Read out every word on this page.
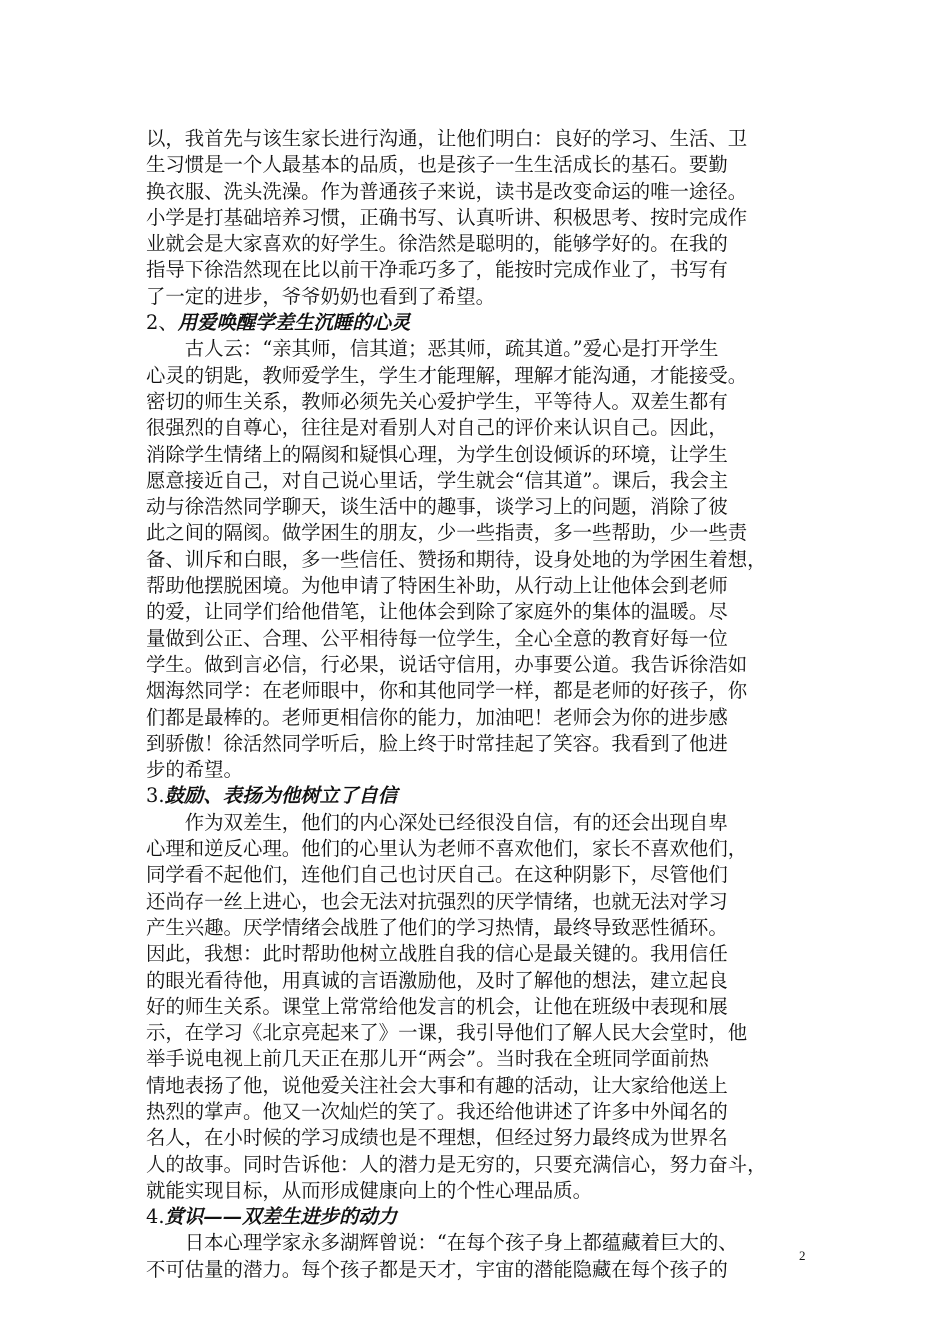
以，我首先与该生家长进行沟通，让他们明白：良好的学习、生活、卫
生习惯是一个人最基本的品质，也是孩子一生生活成长的基石。要勤
换衣服、洗头洗澡。作为普通孩子来说，读书是改变命运的唯一途径。
小学是打基础培养习惯，正确书写、认真听讲、积极思考、按时完成作
业就会是大家喜欢的好学生。徐浩然是聪明的，能够学好的。在我的
指导下徐浩然现在比以前干净乖巧多了，能按时完成作业了，书写有
了一定的进步，爷爷奶奶也看到了希望。
2、用爱唤醒学差生沉睡的心灵
　　古人云：“亲其师，信其道；恶其师，疏其道。”爱心是打开学生
心灵的钥匙，教师爱学生，学生才能理解，理解才能沟通，才能接受。
密切的师生关系，教师必须先关心爱护学生，平等待人。双差生都有
很强烈的自尊心，往往是对看别人对自己的评价来认识自己。因此，
消除学生情绪上的隔阂和疑惧心理，为学生创设倾诉的环境，让学生
愿意接近自己，对自己说心里话，学生就会“信其道”。课后，我会主
动与徐浩然同学聊天，谈生活中的趣事，谈学习上的问题，消除了彼
此之间的隔阂。做学困生的朋友，少一些指责，多一些帮助，少一些责
备、训斥和白眼，多一些信任、赞扬和期待，设身处地的为学困生着想，
帮助他摆脱困境。为他申请了特困生补助，从行动上让他体会到老师
的爱，让同学们给他借笔，让他体会到除了家庭外的集体的温暖。尽
量做到公正、合理、公平相待每一位学生，全心全意的教育好每一位
学生。做到言必信，行必果，说话守信用，办事要公道。我告诉徐浩如
烟海然同学：在老师眼中，你和其他同学一样，都是老师的好孩子，你
们都是最棒的。老师更相信你的能力，加油吧！老师会为你的进步感
到骄傲！徐活然同学听后，脸上终于时常挂起了笑容。我看到了他进
步的希望。
3.鼓励、表扬为他树立了自信
　　作为双差生，他们的内心深处已经很没自信，有的还会出现自卑
心理和逆反心理。他们的心里认为老师不喜欢他们，家长不喜欢他们，
同学看不起他们，连他们自己也讨厌自己。在这种阴影下，尽管他们
还尚存一丝上进心，也会无法对抗强烈的厌学情绪，也就无法对学习
产生兴趣。厌学情绪会战胜了他们的学习热情，最终导致恶性循环。
因此，我想：此时帮助他树立战胜自我的信心是最关键的。我用信任
的眼光看待他，用真诚的言语激励他，及时了解他的想法，建立起良
好的师生关系。课堂上常常给他发言的机会，让他在班级中表现和展
示，在学习《北京亮起来了》一课，我引导他们了解人民大会堂时，他
举手说电视上前几天正在那儿开“两会”。当时我在全班同学面前热
情地表扬了他，说他爱关注社会大事和有趣的活动，让大家给他送上
热烈的掌声。他又一次灿烂的笑了。我还给他讲述了许多中外闻名的
名人，在小时候的学习成绩也是不理想，但经过努力最终成为世界名
人的故事。同时告诉他：人的潜力是无穷的，只要充满信心，努力奋斗，
就能实现目标，从而形成健康向上的个性心理品质。
4.赏识——双差生进步的动力
　　日本心理学家永多湖辉曾说：“在每个孩子身上都蕴藏着巨大的、
不可估量的潜力。每个孩子都是天才，宇宙的潜能隐藏在每个孩子的
2
